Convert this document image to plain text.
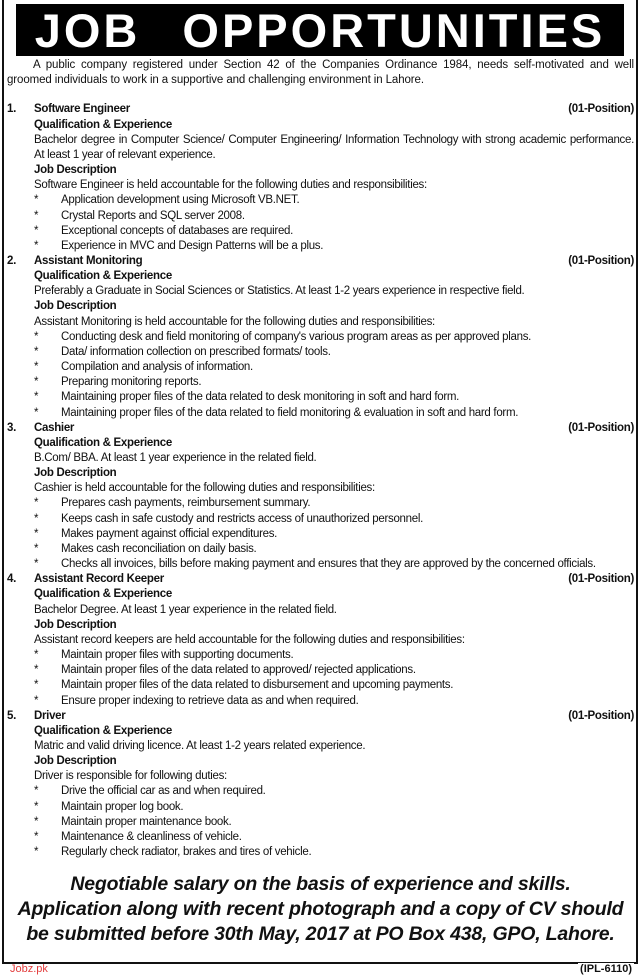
JOB OPPORTUNITIES

A public company registered under Section 42 of the Companies Ordinance 1984, needs self-motivated and well groomed individuals to work in a supportive and challenging environment in Lahore.

1.	Software Engineer	(01-Position)
Qualification & Experience
Bachelor degree in Computer Science/ Computer Engineering/ Information Technology with strong academic performance. At least 1 year of relevant experience.
Job Description
Software Engineer is held accountable for the following duties and responsibilities:
*	Application development using Microsoft VB.NET.
*	Crystal Reports and SQL server 2008.
*	Exceptional concepts of databases are required.
*	Experience in MVC and Design Patterns will be a plus.
2.	Assistant Monitoring	(01-Position)
Qualification & Experience
Preferably a Graduate in Social Sciences or Statistics. At least 1-2 years experience in respective field.
Job Description
Assistant Monitoring is held accountable for the following duties and responsibilities:
*	Conducting desk and field monitoring of company's various program areas as per approved plans.
*	Data/ information collection on prescribed formats/ tools.
*	Compilation and analysis of information.
*	Preparing monitoring reports.
*	Maintaining proper files of the data related to desk monitoring in soft and hard form.
*	Maintaining proper files of the data related to field monitoring & evaluation in soft and hard form.
3.	Cashier	(01-Position)
Qualification & Experience
B.Com/ BBA. At least 1 year experience in the related field.
Job Description
Cashier is held accountable for the following duties and responsibilities:
*	Prepares cash payments, reimbursement summary.
*	Keeps cash in safe custody and restricts access of unauthorized personnel.
*	Makes payment against official expenditures.
*	Makes cash reconciliation on daily basis.
*	Checks all invoices, bills before making payment and ensures that they are approved by the concerned officials.
4.	Assistant Record Keeper	(01-Position)
Qualification & Experience
Bachelor Degree. At least 1 year experience in the related field.
Job Description
Assistant record keepers are held accountable for the following duties and responsibilities:
*	Maintain proper files with supporting documents.
*	Maintain proper files of the data related to approved/ rejected applications.
*	Maintain proper files of the data related to disbursement and upcoming payments.
*	Ensure proper indexing to retrieve data as and when required.
5.	Driver	(01-Position)
Qualification & Experience
Matric and valid driving licence. At least 1-2 years related experience.
Job Description
Driver is responsible for following duties:
*	Drive the official car as and when required.
*	Maintain proper log book.
*	Maintain proper maintenance book.
*	Maintenance & cleanliness of vehicle.
*	Regularly check radiator, brakes and tires of vehicle.
Negotiable salary on the basis of experience and skills.
Application along with recent photograph and a copy of CV should be submitted before 30th May, 2017 at PO Box 438, GPO, Lahore.
(IPL-6110)
Jobz.pk
